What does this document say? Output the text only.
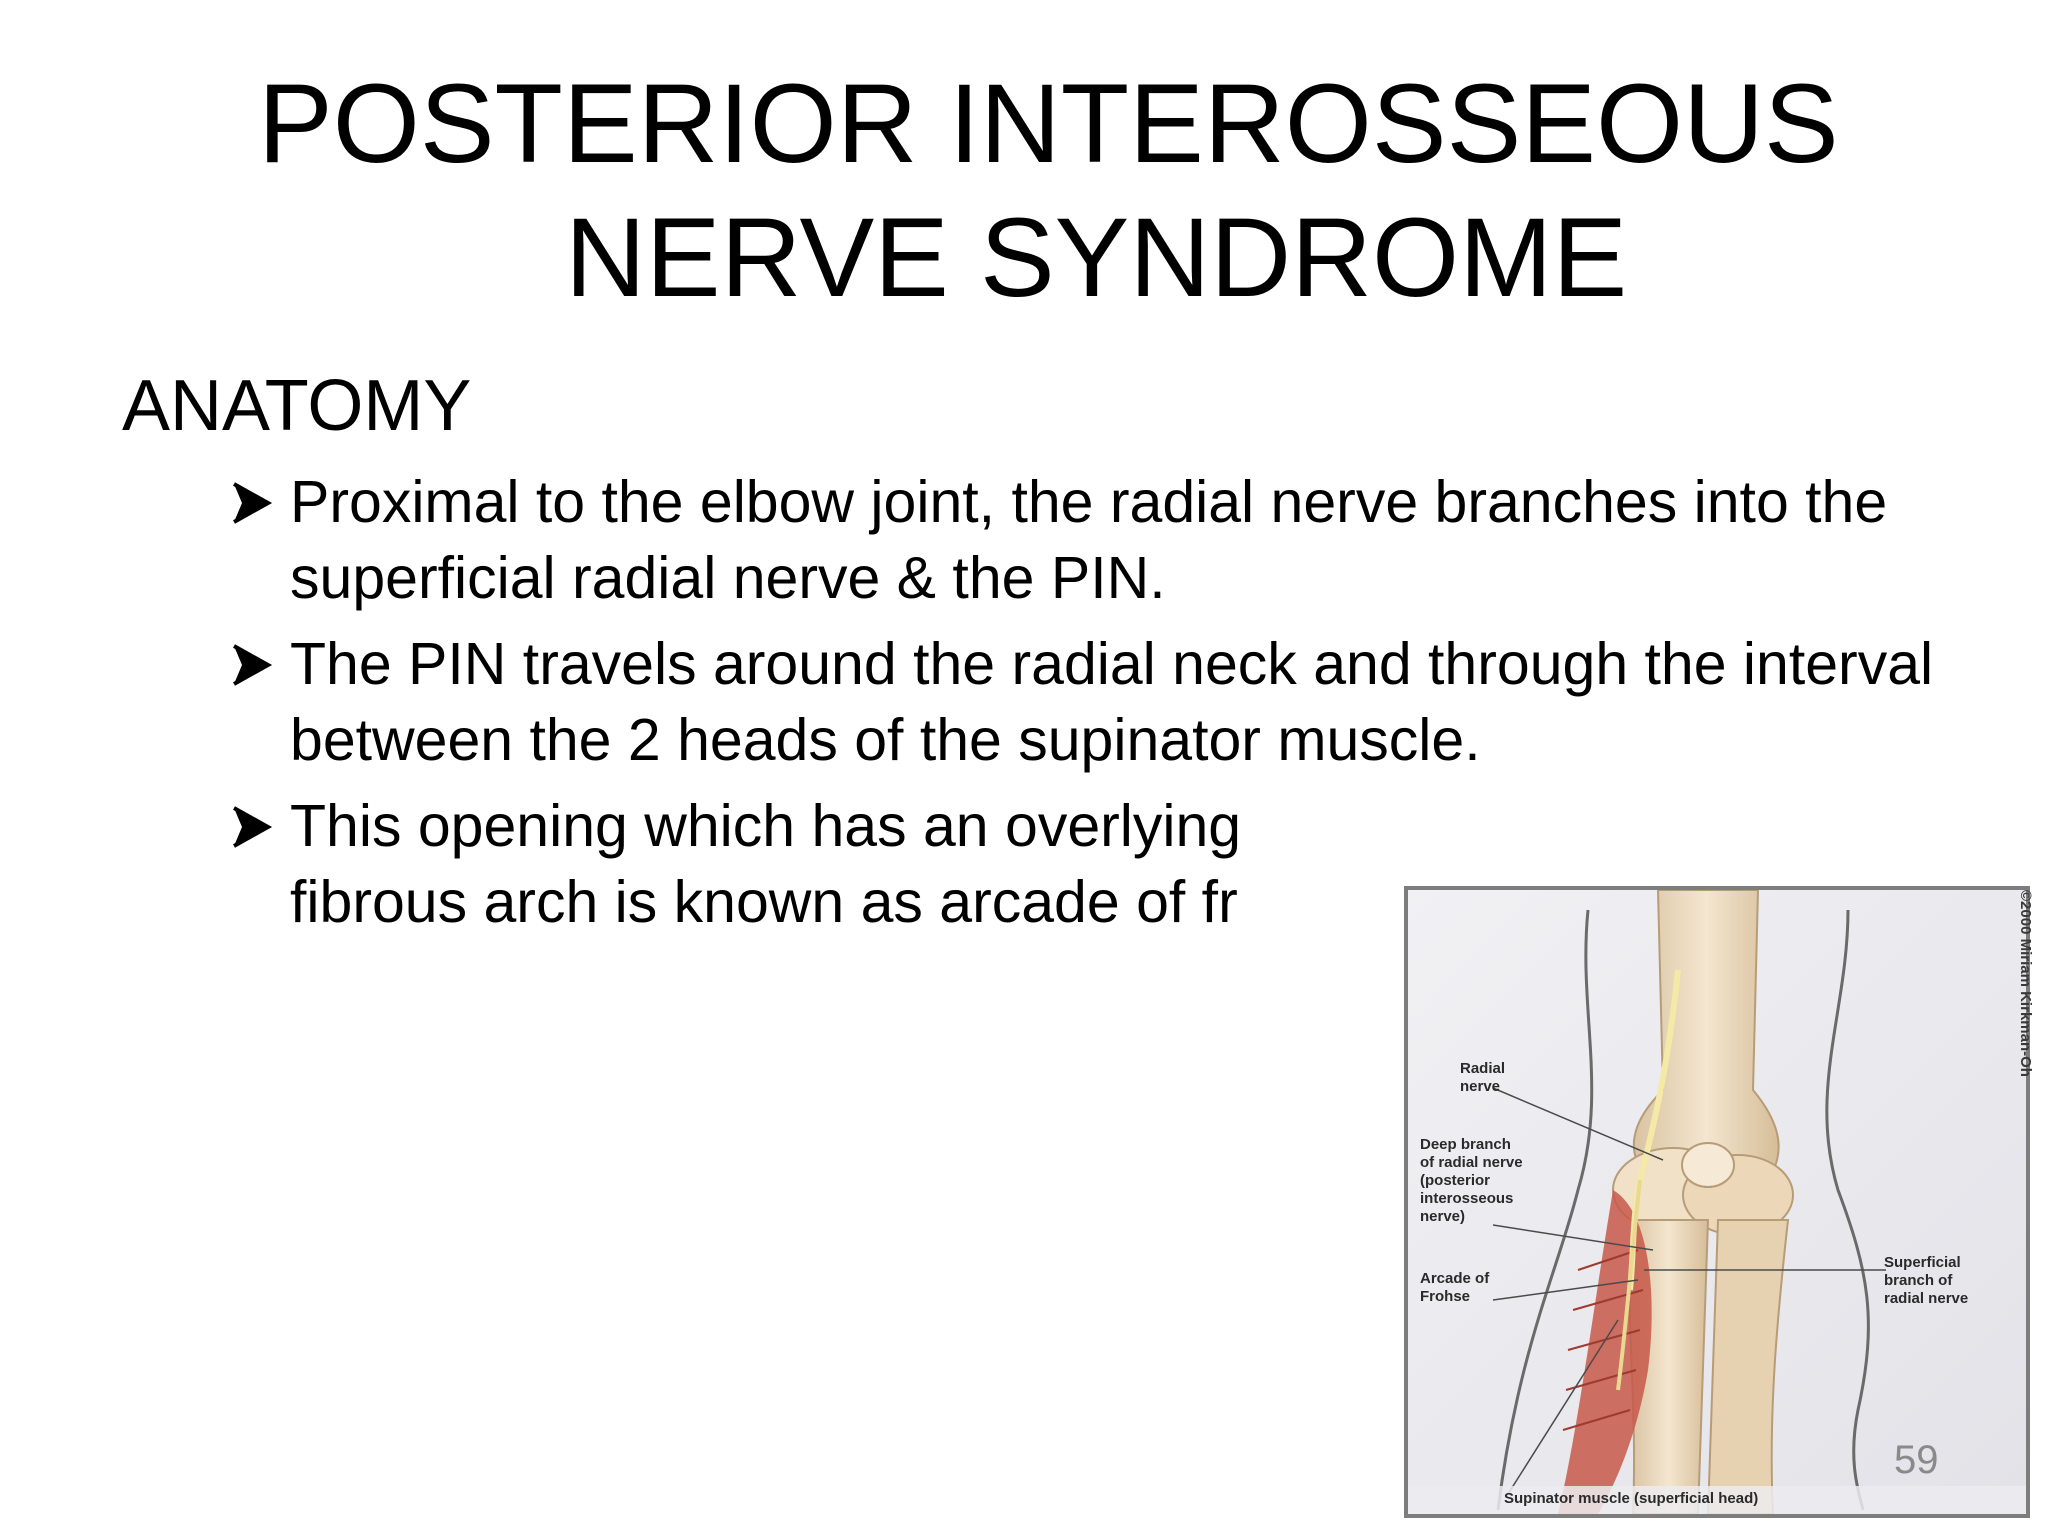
POSTERIOR INTEROSSEOUS
NERVE SYNDROME
ANATOMY
Proximal to the elbow joint, the radial nerve branches into the superficial radial nerve & the PIN.
The PIN travels around the radial neck and through the interval between the 2 heads of the supinator muscle.
This opening which has an overlying
fibrous arch is known as arcade of fr
Radial
nerve
Deep branch
of radial nerve
(posterior
interosseous
nerve)
Arcade of
Frohse
Superficial
branch of
radial nerve
Supinator muscle (superficial head)
©2000 Miriam Kirkman-Oh
59
